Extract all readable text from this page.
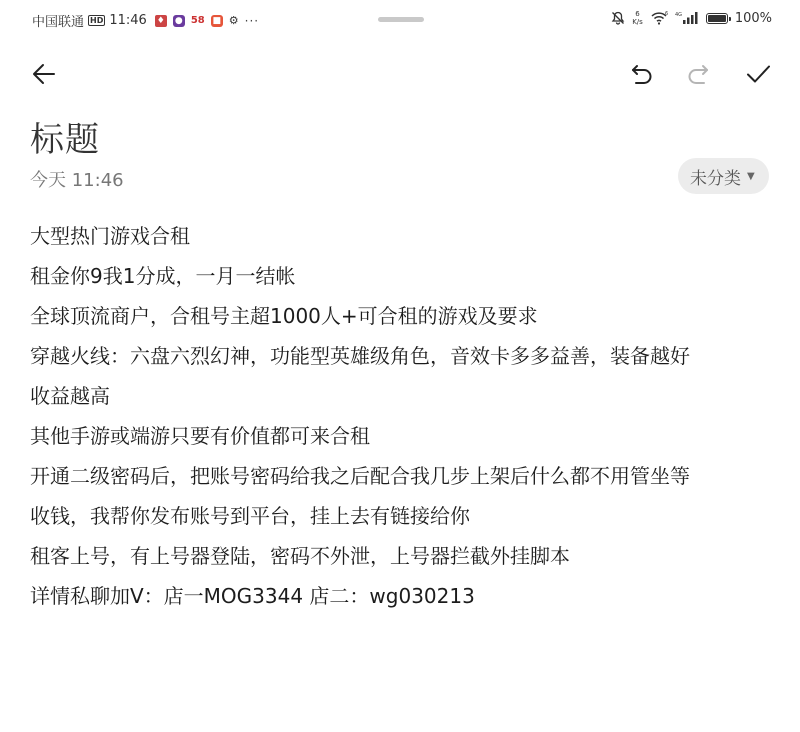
中国联通 HD 11:46 ♦ ● 58 ■ ⚙ ···	6
K/s
6 4G	100%
标题
今天 11:46	未分类 ▼
大型热门游戏合租
租金你9我1分成，一月一结帐
全球顶流商户，合租号主超1000人+可合租的游戏及要求
穿越火线：六盘六烈幻神，功能型英雄级角色，音效卡多多益善，装备越好
收益越高
其他手游或端游只要有价值都可来合租
开通二级密码后，把账号密码给我之后配合我几步上架后什么都不用管坐等
收钱，我帮你发布账号到平台，挂上去有链接给你
租客上号，有上号器登陆，密码不外泄，上号器拦截外挂脚本
详情私聊加V：店一MOG3344 店二：wg030213
